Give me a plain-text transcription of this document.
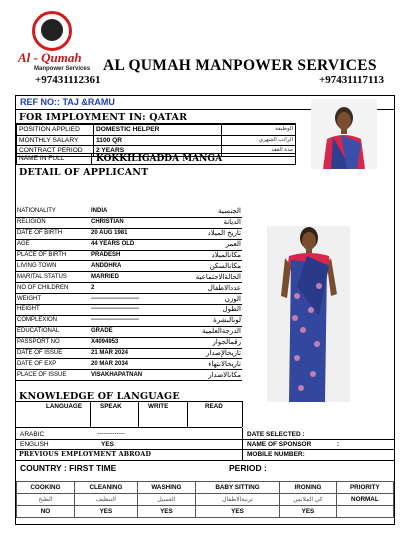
Al - Qumah
Manpower Services AL QUMAH MANPOWER SERVICES
+97431112361	+97431117113
REF NO:: TAJ &RAMU
FOR IMPLOYMENT IN: QATAR
POSITION APPLIED	DOMESTIC HELPER	الوظيفة
MONTHLY SALARY	1100 QR	الراتب الشهري
CONTRACT PERIOD	2 YEARS	مدة العقد
NAME IN FULL	KOKKILIGADDA MANGA
DETAIL OF APPLICANT
NATIONALITY	INDIA	الجنسية
RELIGION	CHRISTIAN	الديانة
DATE OF BIRTH	20 AUG 1981	تاريخ الميلاد
AGE	44 YEARS OLD	العمر
PLACE OF BIRTH	PRADESH	مكانالميلاد
LIVING TOWN	ANDDHRA	مكانالسكن
MARITAL STATUS	MARRIED	الحالةالاجتماعية
NO OF CHILDREN	2	عددالاطفال
WEIGHT	------------------------	الوزن
HEIGHT	------------------------	الطول
COMPLEXION	------------------------	لونالبشرة
EDUCATIONAL	GRADE	الدرجةالعلمية
PASSPORT NO	X4094953	رقمالجواز
DATE OF ISSUE	21 MAR 2024	تاريخالإصدار
DATE OF EXP	20 MAR 2034	تاريخالانتهاء
PLACE OF ISSUE	VISAKHAPATNAN	مكانالاصدار
KNOWLEDGE OF LANGUAGE
LANGUAGE	SPEAK	WRITE	READ
ARABIC	-------------
ENGLISH	YES
DATE SELECTED :
NAME OF SPONSOR	:
MOBILE NUMBER:
PREVIOUS EMPLOYMENT ABROAD
COUNTRY : FIRST TIME	PERIOD :
COOKING	CLEANING	WASHING	BABY SITTING	IRONING	PRIORITY
الطبخ	التنظيف	الغسيل	تربيةالاطفال	كي الملابس	NORMAL
NO	YES	YES	YES	YES	
